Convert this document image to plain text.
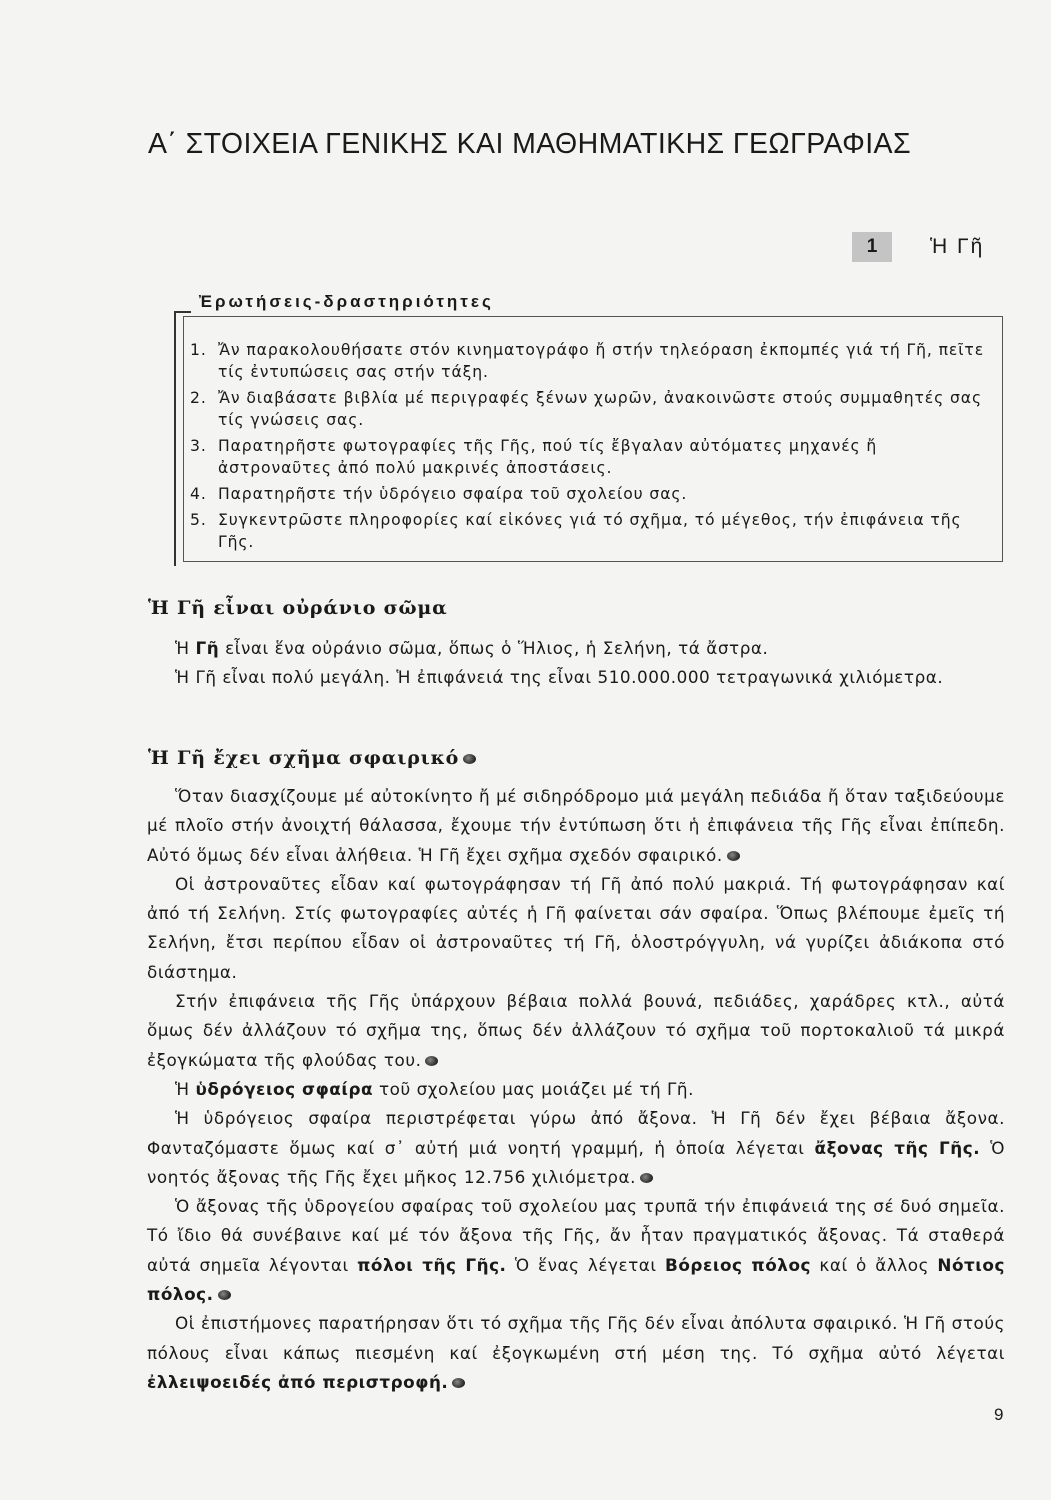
Α΄ ΣΤΟΙΧΕΙΑ ΓΕΝΙΚΗΣ ΚΑΙ ΜΑΘΗΜΑΤΙΚΗΣ ΓΕΩΓΡΑΦΙΑΣ
1	Ἡ Γῆ
Ἐρωτήσεις-δραστηριότητες
1. Ἄν παρακολουθήσατε στόν κινηματογράφο ἤ στήν τηλεόραση ἐκπομπές γιά τή Γῆ, πεῖτε τίς ἐντυπώσεις σας στήν τάξη.
2. Ἄν διαβάσατε βιβλία μέ περιγραφές ξένων χωρῶν, ἀνακοινῶστε στούς συμμαθητές σας τίς γνώσεις σας.
3. Παρατηρῆστε φωτογραφίες τῆς Γῆς, πού τίς ἔβγαλαν αὐτόματες μηχανές ἤ ἀστροναῦτες ἀπό πολύ μακρινές ἀποστάσεις.
4. Παρατηρῆστε τήν ὑδρόγειο σφαίρα τοῦ σχολείου σας.
5. Συγκεντρῶστε πληροφορίες καί εἰκόνες γιά τό σχῆμα, τό μέγεθος, τήν ἐπιφάνεια τῆς Γῆς.
Ἡ Γῆ εἶναι οὐράνιο σῶμα

Ἡ Γῆ εἶναι ἕνα οὐράνιο σῶμα, ὅπως ὁ Ἥλιος, ἡ Σελήνη, τά ἄστρα.

Ἡ Γῆ εἶναι πολύ μεγάλη. Ἡ ἐπιφάνειά της εἶναι 510.000.000 τετραγωνικά χιλιόμετρα.

Ἡ Γῆ ἔχει σχῆμα σφαιρικό

Ὅταν διασχίζουμε μέ αὐτοκίνητο ἤ μέ σιδηρόδρομο μιά μεγάλη πεδιάδα ἤ ὅταν ταξιδεύουμε μέ πλοῖο στήν ἀνοιχτή θάλασσα, ἔχουμε τήν ἐντύπωση ὅτι ἡ ἐπιφάνεια τῆς Γῆς εἶναι ἐπίπεδη. Αὐτό ὅμως δέν εἶναι ἀλήθεια. Ἡ Γῆ ἔχει σχῆμα σχεδόν σφαιρικό.

Οἱ ἀστροναῦτες εἶδαν καί φωτογράφησαν τή Γῆ ἀπό πολύ μακριά. Τή φωτογράφησαν καί ἀπό τή Σελήνη. Στίς φωτογραφίες αὐτές ἡ Γῆ φαίνεται σάν σφαίρα. Ὅπως βλέπουμε ἐμεῖς τή Σελήνη, ἔτσι περίπου εἶδαν οἱ ἀστροναῦτες τή Γῆ, ὁλοστρόγγυλη, νά γυρίζει ἀδιάκοπα στό διάστημα.

Στήν ἐπιφάνεια τῆς Γῆς ὑπάρχουν βέβαια πολλά βουνά, πεδιάδες, χαράδρες κτλ., αὐτά ὅμως δέν ἀλλάζουν τό σχῆμα της, ὅπως δέν ἀλλάζουν τό σχῆμα τοῦ πορτοκαλιοῦ τά μικρά ἐξογκώματα τῆς φλούδας του.

Ἡ ὑδρόγειος σφαίρα τοῦ σχολείου μας μοιάζει μέ τή Γῆ.

Ἡ ὑδρόγειος σφαίρα περιστρέφεται γύρω ἀπό ἄξονα. Ἡ Γῆ δέν ἔχει βέβαια ἄξονα. Φανταζόμαστε ὅμως καί σ᾽ αὐτή μιά νοητή γραμμή, ἡ ὁποία λέγεται ἄξονας τῆς Γῆς. Ὁ νοητός ἄξονας τῆς Γῆς ἔχει μῆκος 12.756 χιλιόμετρα.

Ὁ ἄξονας τῆς ὑδρογείου σφαίρας τοῦ σχολείου μας τρυπᾶ τήν ἐπιφάνειά της σέ δυό σημεῖα. Τό ἴδιο θά συνέβαινε καί μέ τόν ἄξονα τῆς Γῆς, ἄν ἦταν πραγματικός ἄξονας. Τά σταθερά αὐτά σημεῖα λέγονται πόλοι τῆς Γῆς. Ὁ ἕνας λέγεται Βόρειος πόλος καί ὁ ἄλλος Νότιος πόλος.

Οἱ ἐπιστήμονες παρατήρησαν ὅτι τό σχῆμα τῆς Γῆς δέν εἶναι ἀπόλυτα σφαιρικό. Ἡ Γῆ στούς πόλους εἶναι κάπως πιεσμένη καί ἐξογκωμένη στή μέση της. Τό σχῆμα αὐτό λέγεται ἐλλειψοειδές ἀπό περιστροφή.

9
